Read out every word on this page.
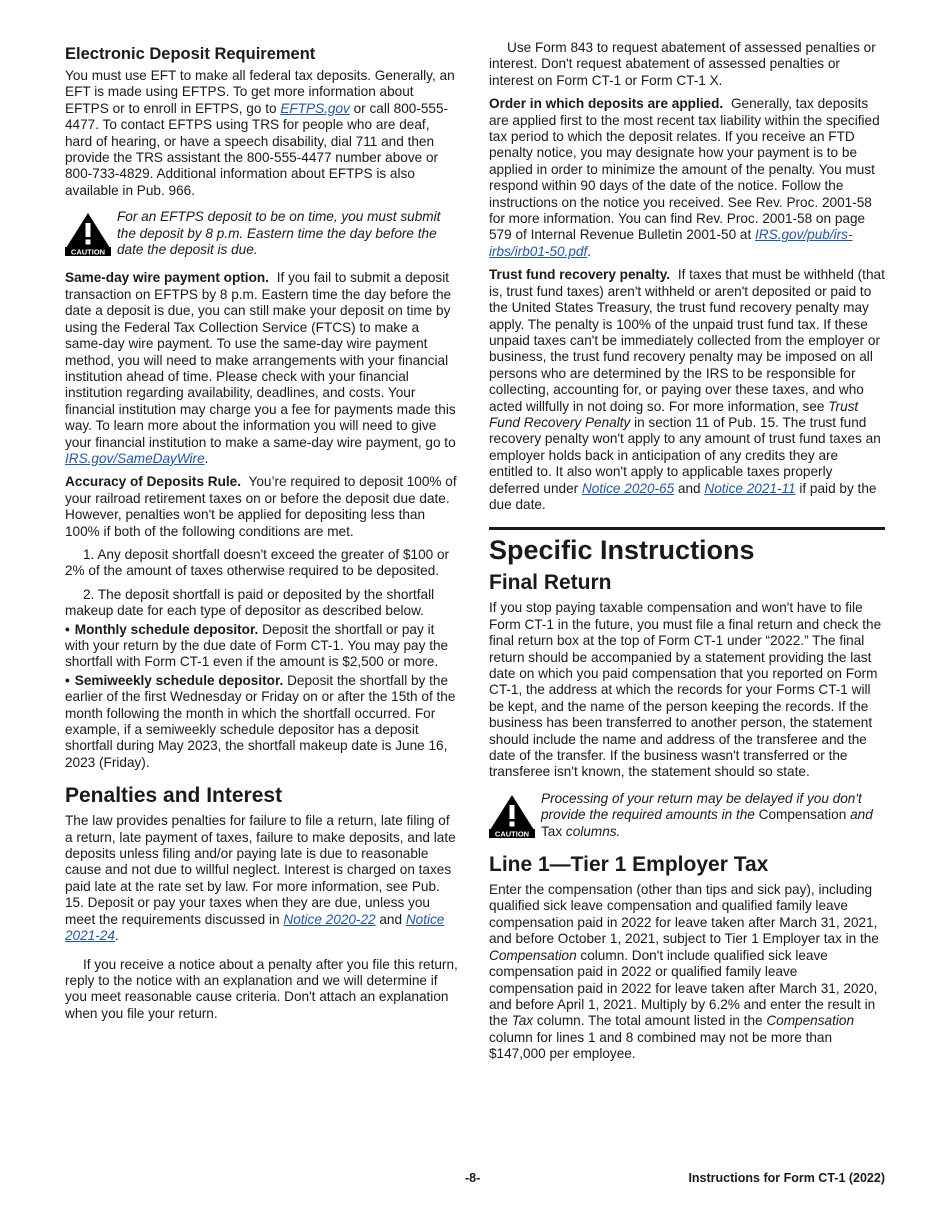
Electronic Deposit Requirement

You must use EFT to make all federal tax deposits. Generally, an EFT is made using EFTPS. To get more information about EFTPS or to enroll in EFTPS, go to EFTPS.gov or call 800-555-4477. To contact EFTPS using TRS for people who are deaf, hard of hearing, or have a speech disability, dial 711 and then provide the TRS assistant the 800-555-4477 number above or 800-733-4829. Additional information about EFTPS is also available in Pub. 966.

CAUTION
For an EFTPS deposit to be on time, you must submit the deposit by 8 p.m. Eastern time the day before the date the deposit is due.

Same-day wire payment option. If you fail to submit a deposit transaction on EFTPS by 8 p.m. Eastern time the day before the date a deposit is due, you can still make your deposit on time by using the Federal Tax Collection Service (FTCS) to make a same-day wire payment. To use the same-day wire payment method, you will need to make arrangements with your financial institution ahead of time. Please check with your financial institution regarding availability, deadlines, and costs. Your financial institution may charge you a fee for payments made this way. To learn more about the information you will need to give your financial institution to make a same-day wire payment, go to IRS.gov/SameDayWire.

Accuracy of Deposits Rule. You’re required to deposit 100% of your railroad retirement taxes on or before the deposit due date. However, penalties won't be applied for depositing less than 100% if both of the following conditions are met.

1. Any deposit shortfall doesn't exceed the greater of $100 or 2% of the amount of taxes otherwise required to be deposited.

2. The deposit shortfall is paid or deposited by the shortfall makeup date for each type of depositor as described below.

• Monthly schedule depositor. Deposit the shortfall or pay it with your return by the due date of Form CT-1. You may pay the shortfall with Form CT-1 even if the amount is $2,500 or more.
• Semiweekly schedule depositor. Deposit the shortfall by the earlier of the first Wednesday or Friday on or after the 15th of the month following the month in which the shortfall occurred. For example, if a semiweekly schedule depositor has a deposit shortfall during May 2023, the shortfall makeup date is June 16, 2023 (Friday).
Penalties and Interest

The law provides penalties for failure to file a return, late filing of a return, late payment of taxes, failure to make deposits, and late deposits unless filing and/or paying late is due to reasonable cause and not due to willful neglect. Interest is charged on taxes paid late at the rate set by law. For more information, see Pub. 15. Deposit or pay your taxes when they are due, unless you meet the requirements discussed in Notice 2020-22 and Notice 2021-24.

If you receive a notice about a penalty after you file this return, reply to the notice with an explanation and we will determine if you meet reasonable cause criteria. Don't attach an explanation when you file your return.

Use Form 843 to request abatement of assessed penalties or interest. Don't request abatement of assessed penalties or interest on Form CT-1 or Form CT-1 X.

Order in which deposits are applied. Generally, tax deposits are applied first to the most recent tax liability within the specified tax period to which the deposit relates. If you receive an FTD penalty notice, you may designate how your payment is to be applied in order to minimize the amount of the penalty. You must respond within 90 days of the date of the notice. Follow the instructions on the notice you received. See Rev. Proc. 2001-58 for more information. You can find Rev. Proc. 2001-58 on page 579 of Internal Revenue Bulletin 2001-50 at IRS.gov/pub/irs-irbs/irb01-50.pdf.

Trust fund recovery penalty. If taxes that must be withheld (that is, trust fund taxes) aren't withheld or aren't deposited or paid to the United States Treasury, the trust fund recovery penalty may apply. The penalty is 100% of the unpaid trust fund tax. If these unpaid taxes can't be immediately collected from the employer or business, the trust fund recovery penalty may be imposed on all persons who are determined by the IRS to be responsible for collecting, accounting for, or paying over these taxes, and who acted willfully in not doing so. For more information, see Trust Fund Recovery Penalty in section 11 of Pub. 15. The trust fund recovery penalty won't apply to any amount of trust fund taxes an employer holds back in anticipation of any credits they are entitled to. It also won't apply to applicable taxes properly deferred under Notice 2020-65 and Notice 2021-11 if paid by the due date.

Specific Instructions
Final Return

If you stop paying taxable compensation and won't have to file Form CT-1 in the future, you must file a final return and check the final return box at the top of Form CT-1 under “2022.” The final return should be accompanied by a statement providing the last date on which you paid compensation that you reported on Form CT-1, the address at which the records for your Forms CT-1 will be kept, and the name of the person keeping the records. If the business has been transferred to another person, the statement should include the name and address of the transferee and the date of the transfer. If the business wasn't transferred or the transferee isn't known, the statement should so state.

CAUTION
Processing of your return may be delayed if you don't provide the required amounts in the Compensation and Tax columns.
Line 1—Tier 1 Employer Tax

Enter the compensation (other than tips and sick pay), including qualified sick leave compensation and qualified family leave compensation paid in 2022 for leave taken after March 31, 2021, and before October 1, 2021, subject to Tier 1 Employer tax in the Compensation column. Don't include qualified sick leave compensation paid in 2022 or qualified family leave compensation paid in 2022 for leave taken after March 31, 2020, and before April 1, 2021. Multiply by 6.2% and enter the result in the Tax column. The total amount listed in the Compensation column for lines 1 and 8 combined may not be more than $147,000 per employee.

-8-	Instructions for Form CT-1 (2022)
